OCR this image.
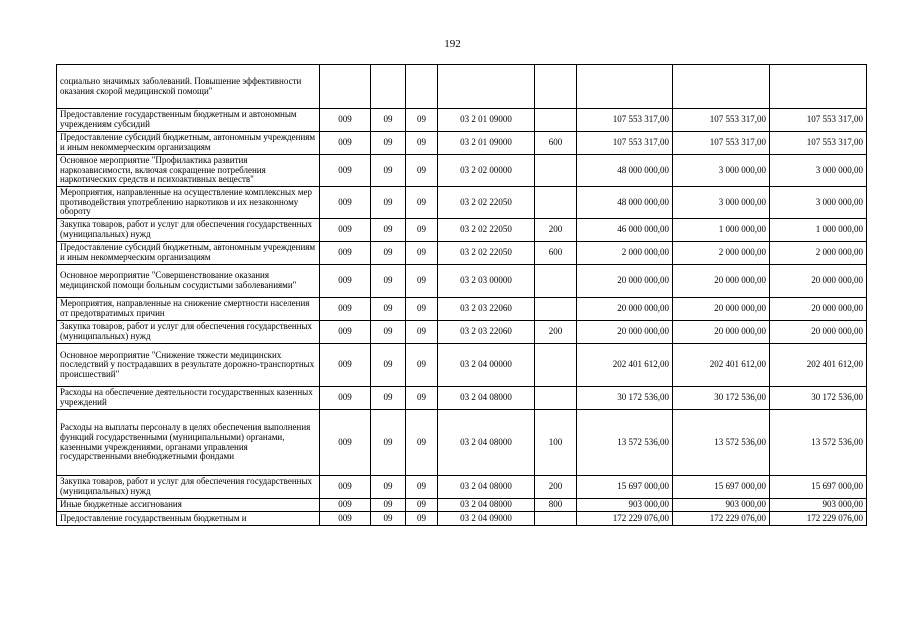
192
социально значимых заболеваний. Повышение эффективности оказания скорой медицинской помощи"								
Предоставление государственным бюджетным и автономным учреждениям субсидий	009	09	09	03 2 01 09000		107 553 317,00	107 553 317,00	107 553 317,00
Предоставление субсидий бюджетным, автономным учреждениям и иным некоммерческим организациям	009	09	09	03 2 01 09000	600	107 553 317,00	107 553 317,00	107 553 317,00
Основное мероприятие "Профилактика развития наркозависимости, включая сокращение потребления наркотических средств и психоактивных веществ"	009	09	09	03 2 02 00000		48 000 000,00	3 000 000,00	3 000 000,00
Мероприятия, направленные на осуществление комплексных мер противодействия употреблению наркотиков и их незаконному обороту	009	09	09	03 2 02 22050		48 000 000,00	3 000 000,00	3 000 000,00
Закупка товаров, работ и услуг для обеспечения государственных (муниципальных) нужд	009	09	09	03 2 02 22050	200	46 000 000,00	1 000 000,00	1 000 000,00
Предоставление субсидий бюджетным, автономным учреждениям и иным некоммерческим организациям	009	09	09	03 2 02 22050	600	2 000 000,00	2 000 000,00	2 000 000,00
Основное мероприятие "Совершенствование оказания медицинской помощи больным сосудистыми заболеваниями"	009	09	09	03 2 03 00000		20 000 000,00	20 000 000,00	20 000 000,00
Мероприятия, направленные на снижение смертности населения от предотвратимых причин	009	09	09	03 2 03 22060		20 000 000,00	20 000 000,00	20 000 000,00
Закупка товаров, работ и услуг для обеспечения государственных (муниципальных) нужд	009	09	09	03 2 03 22060	200	20 000 000,00	20 000 000,00	20 000 000,00
Основное мероприятие "Снижение тяжести медицинских последствий у пострадавших в результате дорожно-транспортных происшествий"	009	09	09	03 2 04 00000		202 401 612,00	202 401 612,00	202 401 612,00
Расходы на обеспечение деятельности государственных казенных учреждений	009	09	09	03 2 04 08000		30 172 536,00	30 172 536,00	30 172 536,00
Расходы на выплаты персоналу в целях обеспечения выполнения функций государственными (муниципальными) органами, казенными учреждениями, органами управления государственными внебюджетными фондами	009	09	09	03 2 04 08000	100	13 572 536,00	13 572 536,00	13 572 536,00
Закупка товаров, работ и услуг для обеспечения государственных (муниципальных) нужд	009	09	09	03 2 04 08000	200	15 697 000,00	15 697 000,00	15 697 000,00
Иные бюджетные ассигнования	009	09	09	03 2 04 08000	800	903 000,00	903 000,00	903 000,00
Предоставление государственным бюджетным и	009	09	09	03 2 04 09000		172 229 076,00	172 229 076,00	172 229 076,00
